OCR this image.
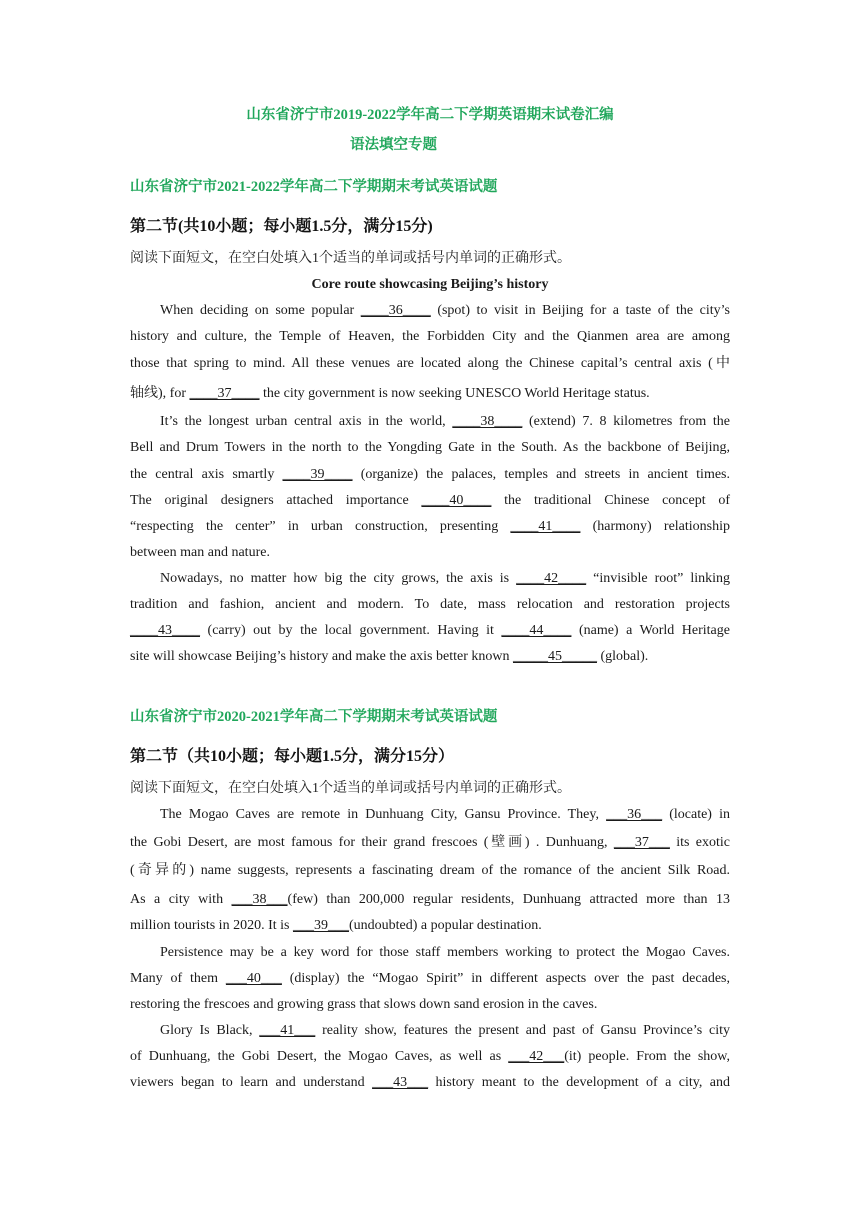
山东省济宁市2019-2022学年高二下学期英语期末试卷汇编
语法填空专题
山东省济宁市2021-2022学年高二下学期期末考试英语试题
第二节(共10小题；每小题1.5分，满分15分)
阅读下面短文，在空白处填入1个适当的单词或括号内单词的正确形式。
Core route showcasing Beijing’s history
When deciding on some popular ____36____ (spot) to visit in Beijing for a taste of the city’s
history and culture, the Temple of Heaven, the Forbidden City and the Qianmen area are among
those that spring to mind. All these venues are located along the Chinese capital’s central axis (中
轴线), for ____37____ the city government is now seeking UNESCO World Heritage status.
It’s the longest urban central axis in the world, ____38____ (extend) 7. 8 kilometres from the
Bell and Drum Towers in the north to the Yongding Gate in the South. As the backbone of Beijing,
the central axis smartly ____39____ (organize) the palaces, temples and streets in ancient times.
The original designers attached importance ____40____ the traditional Chinese concept of
“respecting the center” in urban construction, presenting ____41____ (harmony) relationship
between man and nature.
Nowadays, no matter how big the city grows, the axis is ____42____ “invisible root” linking
tradition and fashion, ancient and modern. To date, mass relocation and restoration projects
____43____ (carry) out by the local government. Having it ____44____ (name) a World Heritage
site will showcase Beijing’s history and make the axis better known _____45_____ (global).
山东省济宁市2020-2021学年高二下学期期末考试英语试题
第二节（共10小题；每小题1.5分，满分15分）
阅读下面短文，在空白处填入1个适当的单词或括号内单词的正确形式。
The Mogao Caves are remote in Dunhuang City, Gansu Province. They, ___36___ (locate) in
the Gobi Desert, are most famous for their grand frescoes (壁画) . Dunhuang, ___37___ its exotic
(奇异的) name suggests, represents a fascinating dream of the romance of the ancient Silk Road.
As a city with ___38___(few) than 200,000 regular residents, Dunhuang attracted more than 13
million tourists in 2020. It is ___39___(undoubted) a popular destination.
Persistence may be a key word for those staff members working to protect the Mogao Caves.
Many of them ___40___ (display) the “Mogao Spirit” in different aspects over the past decades,
restoring the frescoes and growing grass that slows down sand erosion in the caves.
Glory Is Black, ___41___ reality show, features the present and past of Gansu Province’s city
of Dunhuang, the Gobi Desert, the Mogao Caves, as well as ___42___(it) people. From the show,
viewers began to learn and understand ___43___ history meant to the development of a city, and
